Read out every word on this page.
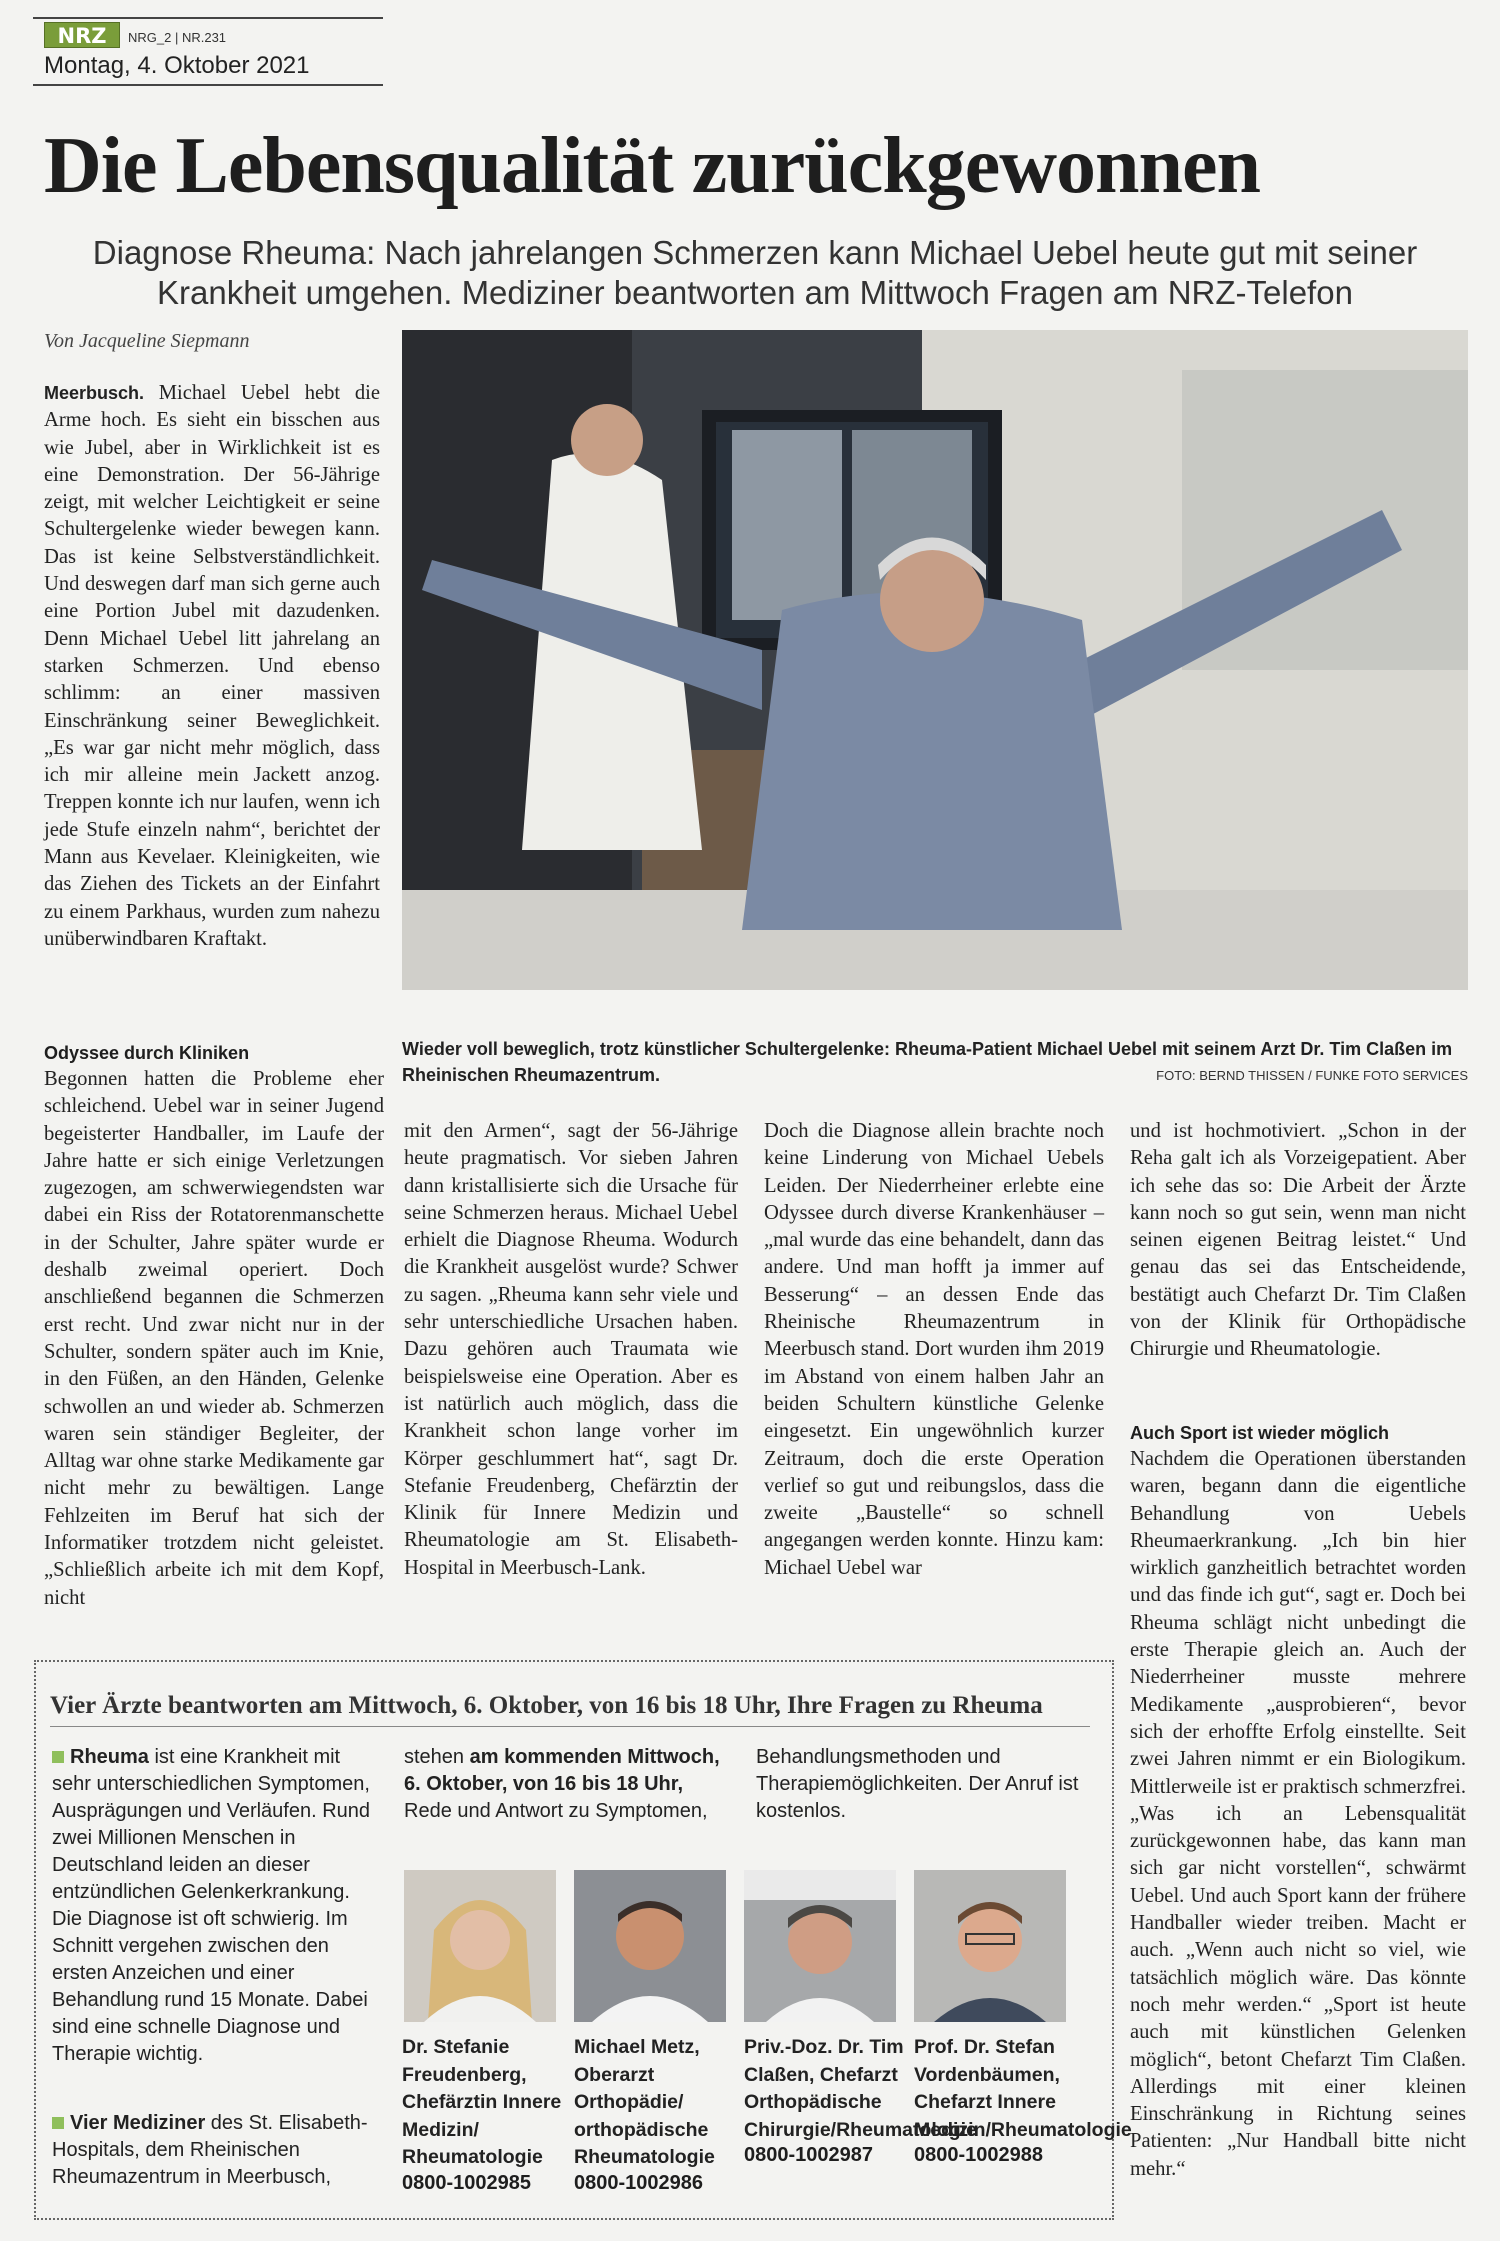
NRZ	NRG_2 | NR.231
Montag, 4. Oktober 2021
Die Lebensqualität zurückgewonnen
Diagnose Rheuma: Nach jahrelangen Schmerzen kann Michael Uebel heute gut mit seiner
Krankheit umgehen. Mediziner beantworten am Mittwoch Fragen am NRZ-Telefon
Von Jacqueline Siepmann
Meerbusch. Michael Uebel hebt die Arme hoch. Es sieht ein bisschen aus wie Jubel, aber in Wirklichkeit ist es eine Demonstration. Der 56-Jährige zeigt, mit welcher Leichtigkeit er seine Schultergelenke wieder bewegen kann. Das ist keine Selbstverständlichkeit. Und deswegen darf man sich gerne auch eine Portion Jubel mit dazudenken. Denn Michael Uebel litt jahrelang an starken Schmerzen. Und ebenso schlimm: an einer massiven Einschränkung seiner Beweglichkeit. „Es war gar nicht mehr möglich, dass ich mir alleine mein Jackett anzog. Treppen konnte ich nur laufen, wenn ich jede Stufe einzeln nahm“, berichtet der Mann aus Kevelaer. Kleinigkeiten, wie das Ziehen des Tickets an der Einfahrt zu einem Parkhaus, wurden zum nahezu unüberwindbaren Kraftakt.
Wieder voll beweglich, trotz künstlicher Schultergelenke: Rheuma-Patient Michael Uebel mit seinem Arzt Dr. Tim Claßen im Rheinischen Rheumazentrum.	FOTO: BERND THISSEN / FUNKE FOTO SERVICES
Odyssee durch Kliniken
Begonnen hatten die Probleme eher schleichend. Uebel war in seiner Jugend begeisterter Handballer, im Laufe der Jahre hatte er sich einige Verletzungen zugezogen, am schwerwiegendsten war dabei ein Riss der Rotatorenmanschette in der Schulter, Jahre später wurde er deshalb zweimal operiert. Doch anschließend begannen die Schmerzen erst recht. Und zwar nicht nur in der Schulter, sondern später auch im Knie, in den Füßen, an den Händen, Gelenke schwollen an und wieder ab. Schmerzen waren sein ständiger Begleiter, der Alltag war ohne starke Medikamente gar nicht mehr zu bewältigen. Lange Fehlzeiten im Beruf hat sich der Informatiker trotzdem nicht geleistet. „Schließlich arbeite ich mit dem Kopf, nicht
mit den Armen“, sagt der 56-Jährige heute pragmatisch. Vor sieben Jahren dann kristallisierte sich die Ursache für seine Schmerzen heraus. Michael Uebel erhielt die Diagnose Rheuma. Wodurch die Krankheit ausgelöst wurde? Schwer zu sagen. „Rheuma kann sehr viele und sehr unterschiedliche Ursachen haben. Dazu gehören auch Traumata wie beispielsweise eine Operation. Aber es ist natürlich auch möglich, dass die Krankheit schon lange vorher im Körper geschlummert hat“, sagt Dr. Stefanie Freudenberg, Chefärztin der Klinik für Innere Medizin und Rheumatologie am St. Elisabeth-Hospital in Meerbusch-Lank.
Doch die Diagnose allein brachte noch keine Linderung von Michael Uebels Leiden. Der Niederrheiner erlebte eine Odyssee durch diverse Krankenhäuser – „mal wurde das eine behandelt, dann das andere. Und man hofft ja immer auf Besserung“ – an dessen Ende das Rheinische Rheumazentrum in Meerbusch stand. Dort wurden ihm 2019 im Abstand von einem halben Jahr an beiden Schultern künstliche Gelenke eingesetzt. Ein ungewöhnlich kurzer Zeitraum, doch die erste Operation verlief so gut und reibungslos, dass die zweite „Baustelle“ so schnell angegangen werden konnte. Hinzu kam: Michael Uebel war
und ist hochmotiviert. „Schon in der Reha galt ich als Vorzeigepatient. Aber ich sehe das so: Die Arbeit der Ärzte kann noch so gut sein, wenn man nicht seinen eigenen Beitrag leistet.“ Und genau das sei das Entscheidende, bestätigt auch Chefarzt Dr. Tim Claßen von der Klinik für Orthopädische Chirurgie und Rheumatologie.
Auch Sport ist wieder möglich
Nachdem die Operationen überstanden waren, begann dann die eigentliche Behandlung von Uebels Rheumaerkrankung. „Ich bin hier wirklich ganzheitlich betrachtet worden und das finde ich gut“, sagt er. Doch bei Rheuma schlägt nicht unbedingt die erste Therapie gleich an. Auch der Niederrheiner musste mehrere Medikamente „ausprobieren“, bevor sich der erhoffte Erfolg einstellte. Seit zwei Jahren nimmt er ein Biologikum. Mittlerweile ist er praktisch schmerzfrei. „Was ich an Lebensqualität zurückgewonnen habe, das kann man sich gar nicht vorstellen“, schwärmt Uebel. Und auch Sport kann der frühere Handballer wieder treiben. Macht er auch. „Wenn auch nicht so viel, wie tatsächlich möglich wäre. Das könnte noch mehr werden.“ „Sport ist heute auch mit künstlichen Gelenken möglich“, betont Chefarzt Tim Claßen. Allerdings mit einer kleinen Einschränkung in Richtung seines Patienten: „Nur Handball bitte nicht mehr.“
Vier Ärzte beantworten am Mittwoch, 6. Oktober, von 16 bis 18 Uhr, Ihre Fragen zu Rheuma
Rheuma ist eine Krankheit mit sehr unterschiedlichen Symptomen, Ausprägungen und Verläufen. Rund zwei Millionen Menschen in Deutschland leiden an dieser entzündlichen Gelenkerkrankung. Die Diagnose ist oft schwierig. Im Schnitt vergehen zwischen den ersten Anzeichen und einer Behandlung rund 15 Monate. Dabei sind eine schnelle Diagnose und Therapie wichtig.
Vier Mediziner des St. Elisabeth-Hospitals, dem Rheinischen Rheumazentrum in Meerbusch,
stehen am kommenden Mittwoch, 6. Oktober, von 16 bis 18 Uhr, Rede und Antwort zu Symptomen,
Behandlungsmethoden und Therapiemöglichkeiten. Der Anruf ist kostenlos.
Dr. Stefanie Freudenberg, Chefärztin Innere Medizin/ Rheumatologie
0800-1002985
Michael Metz, Oberarzt Orthopädie/ orthopädische Rheumatologie
0800-1002986
Priv.-Doz. Dr. Tim Claßen, Chefarzt Orthopädische Chirurgie/Rheumatologie
0800-1002987
Prof. Dr. Stefan Vordenbäumen, Chefarzt Innere Medizin/Rheumatologie
0800-1002988
